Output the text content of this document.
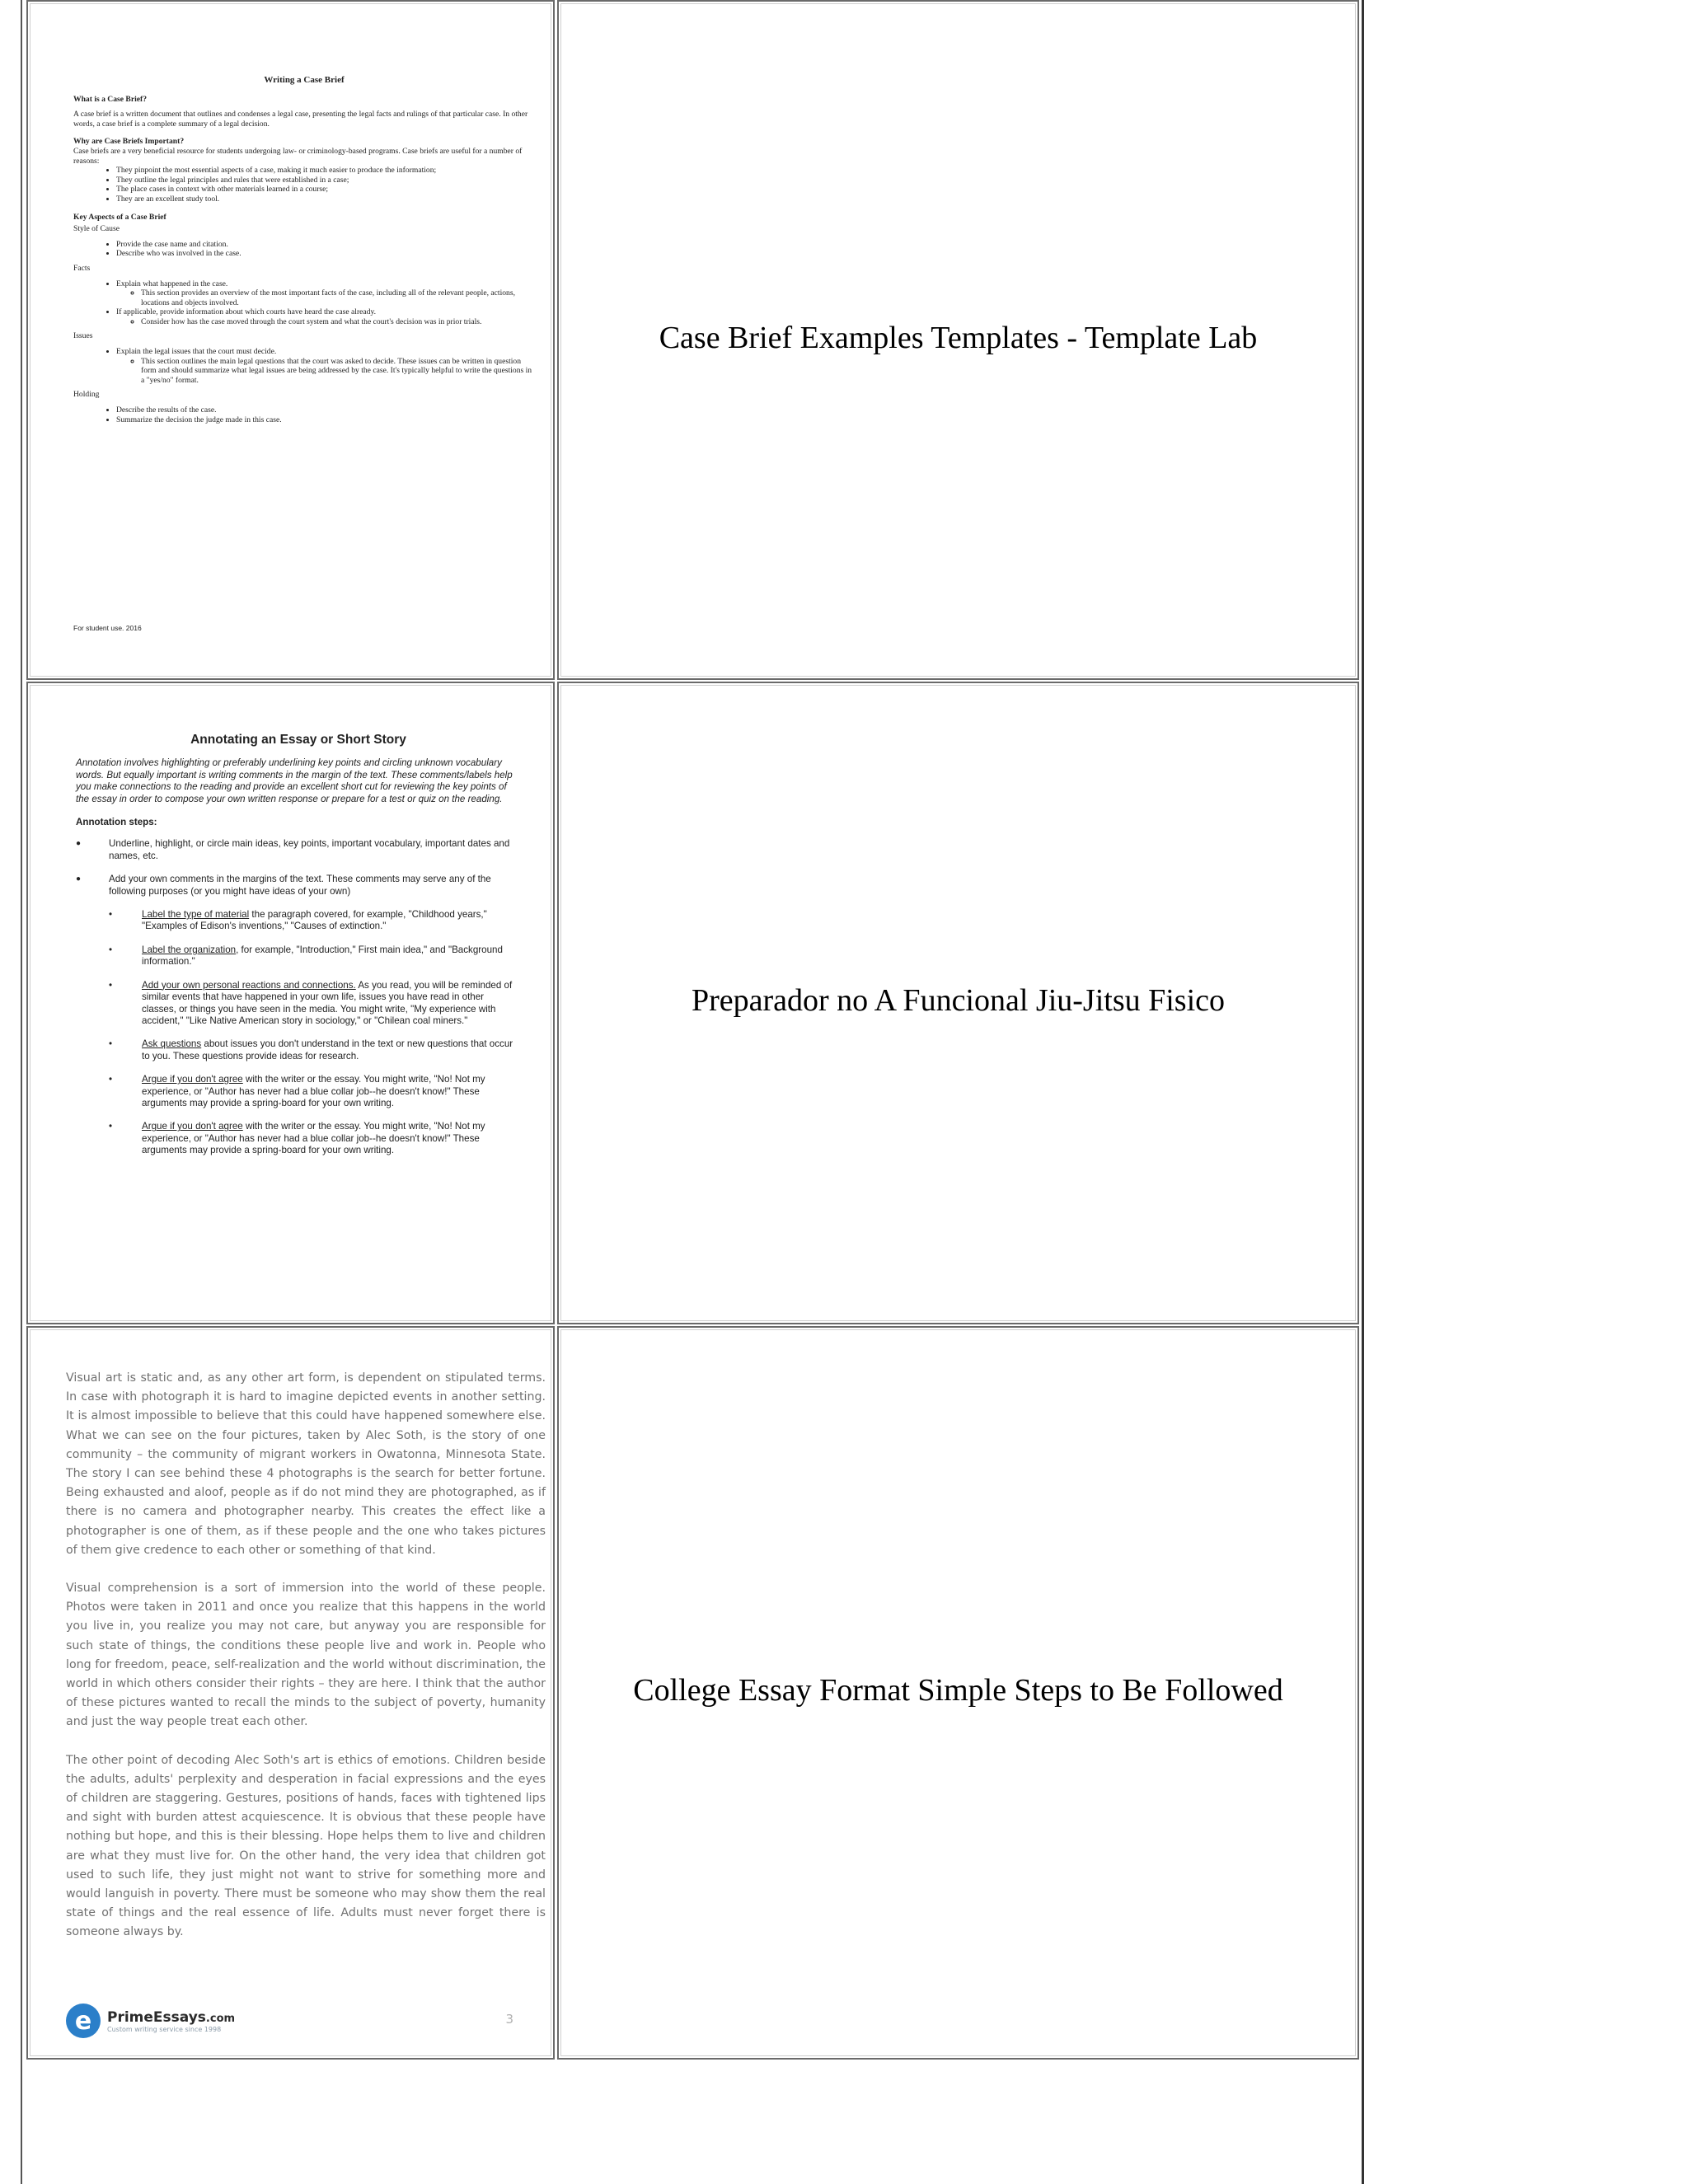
Writing a Case Brief
What is a Case Brief?

A case brief is a written document that outlines and condenses a legal case, presenting the legal facts and rulings of that particular case. In other words, a case brief is a complete summary of a legal decision.

Why are Case Briefs Important?

Case briefs are a very beneficial resource for students undergoing law- or criminology-based programs. Case briefs are useful for a number of reasons:

• They pinpoint the most essential aspects of a case, making it much easier to produce the information;
• They outline the legal principles and rules that were established in a case;
• The place cases in context with other materials learned in a course;
• They are an excellent study tool.
Key Aspects of a Case Brief
Style of Cause
• Provide the case name and citation.
• Describe who was involved in the case.
Facts
• Explain what happened in the case.
◦ This section provides an overview of the most important facts of the case, including all of the relevant people, actions, locations and objects involved.
• If applicable, provide information about which courts have heard the case already.
◦ Consider how has the case moved through the court system and what the court's decision was in prior trials.
Issues
• Explain the legal issues that the court must decide.
◦ This section outlines the main legal questions that the court was asked to decide. These issues can be written in question form and should summarize what legal issues are being addressed by the case. It's typically helpful to write the questions in a "yes/no" format.
Holding
• Describe the results of the case.
• Summarize the decision the judge made in this case.
For student use. 2016
Case Brief Examples Templates - Template Lab
Annotating an Essay or Short Story
Annotation involves highlighting or preferably underlining key points and circling unknown vocabulary words. But equally important is writing comments in the margin of the text. These comments/labels help you make connections to the reading and provide an excellent short cut for reviewing the key points of the essay in order to compose your own written response or prepare for a test or quiz on the reading.
Annotation steps:
● Underline, highlight, or circle main ideas, key points, important vocabulary, important dates and names, etc.
● Add your own comments in the margins of the text. These comments may serve any of the following purposes (or you might have ideas of your own)
• Label the type of material the paragraph covered, for example, "Childhood years," "Examples of Edison's inventions," "Causes of extinction."
• Label the organization, for example, "Introduction," First main idea," and "Background information."
• Add your own personal reactions and connections. As you read, you will be reminded of similar events that have happened in your own life, issues you have read in other classes, or things you have seen in the media. You might write, "My experience with accident," "Like Native American story in sociology," or "Chilean coal miners."
• Ask questions about issues you don't understand in the text or new questions that occur to you. These questions provide ideas for research.
• Argue if you don't agree with the writer or the essay. You might write, "No! Not my experience, or "Author has never had a blue collar job--he doesn't know!" These arguments may provide a spring-board for your own writing.
• Argue if you don't agree with the writer or the essay. You might write, "No! Not my experience, or "Author has never had a blue collar job--he doesn't know!" These arguments may provide a spring-board for your own writing.
Preparador no A Funcional Jiu-Jitsu Fisico

Visual art is static and, as any other art form, is dependent on stipulated terms. In case with photograph it is hard to imagine depicted events in another setting. It is almost impossible to believe that this could have happened somewhere else. What we can see on the four pictures, taken by Alec Soth, is the story of one community – the community of migrant workers in Owatonna, Minnesota State. The story I can see behind these 4 photographs is the search for better fortune. Being exhausted and aloof, people as if do not mind they are photographed, as if there is no camera and photographer nearby. This creates the effect like a photographer is one of them, as if these people and the one who takes pictures of them give credence to each other or something of that kind.

Visual comprehension is a sort of immersion into the world of these people. Photos were taken in 2011 and once you realize that this happens in the world you live in, you realize you may not care, but anyway you are responsible for such state of things, the conditions these people live and work in. People who long for freedom, peace, self-realization and the world without discrimination, the world in which others consider their rights – they are here. I think that the author of these pictures wanted to recall the minds to the subject of poverty, humanity and just the way people treat each other.

The other point of decoding Alec Soth's art is ethics of emotions. Children beside the adults, adults' perplexity and desperation in facial expressions and the eyes of children are staggering. Gestures, positions of hands, faces with tightened lips and sight with burden attest acquiescence. It is obvious that these people have nothing but hope, and this is their blessing. Hope helps them to live and children are what they must live for. On the other hand, the very idea that children got used to such life, they just might not want to strive for something more and would languish in poverty. There must be someone who may show them the real state of things and the real essence of life. Adults must never forget there is someone always by.

e	PrimeEssays.com
Custom writing service since 1998
3
College Essay Format Simple Steps to Be Followed
